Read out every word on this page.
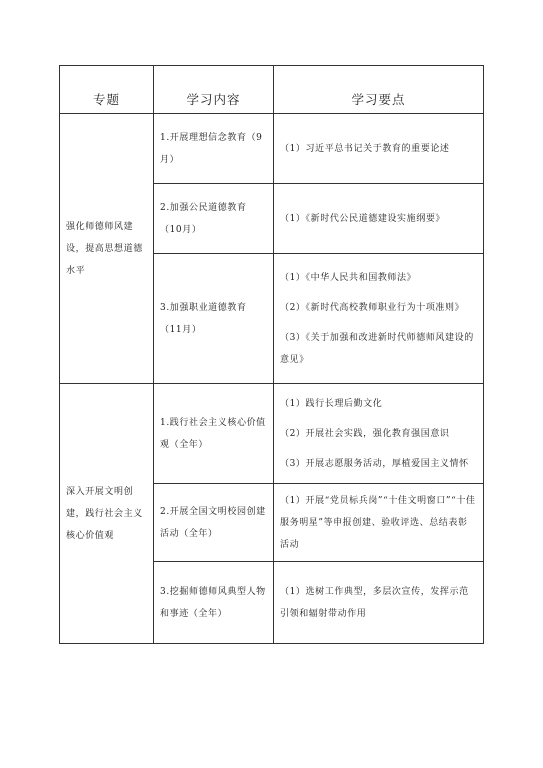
专题	学习内容	学习要点
强化师德师风建设，提高思想道德水平	1.开展理想信念教育（9月）	（1）习近平总书记关于教育的重要论述

	2.加强公民道德教育（10月）	（1）《新时代公民道德建设实施纲要》

	3.加强职业道德教育（11月）	（1）《中华人民共和国教师法》
（2）《新时代高校教师职业行为十项准则》
（3）《关于加强和改进新时代师德师风建设的意见》

深入开展文明创建，践行社会主义核心价值观	1.践行社会主义核心价值观（全年）	（1）践行长理后勤文化
（2）开展社会实践，强化教育强国意识
（3）开展志愿服务活动，厚植爱国主义情怀

	2.开展全国文明校园创建活动（全年）	（1）开展“党员标兵岗”“十佳文明窗口”“十佳服务明星”等申报创建、验收评选、总结表彰活动

	3.挖掘师德师风典型人物和事迹（全年）	（1）选树工作典型，多层次宣传，发挥示范引领和辐射带动作用
